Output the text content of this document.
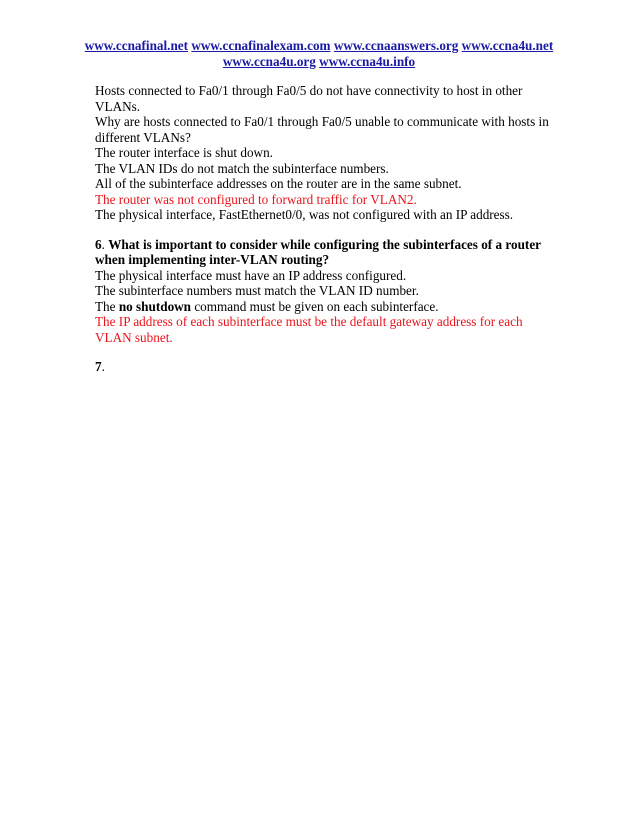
www.ccnafinal.net www.ccnafinalexam.com www.ccnaanswers.org www.ccna4u.net
www.ccna4u.org www.ccna4u.info

Hosts connected to Fa0/1 through Fa0/5 do not have connectivity to host in other VLANs.

Why are hosts connected to Fa0/1 through Fa0/5 unable to communicate with hosts in different VLANs?

The router interface is shut down.

The VLAN IDs do not match the subinterface numbers.

All of the subinterface addresses on the router are in the same subnet.

The router was not configured to forward traffic for VLAN2.

The physical interface, FastEthernet0/0, was not configured with an IP address.

6. What is important to consider while configuring the subinterfaces of a router when implementing inter-VLAN routing?

The physical interface must have an IP address configured.

The subinterface numbers must match the VLAN ID number.

The no shutdown command must be given on each subinterface.

The IP address of each subinterface must be the default gateway address for each VLAN subnet.

7.
